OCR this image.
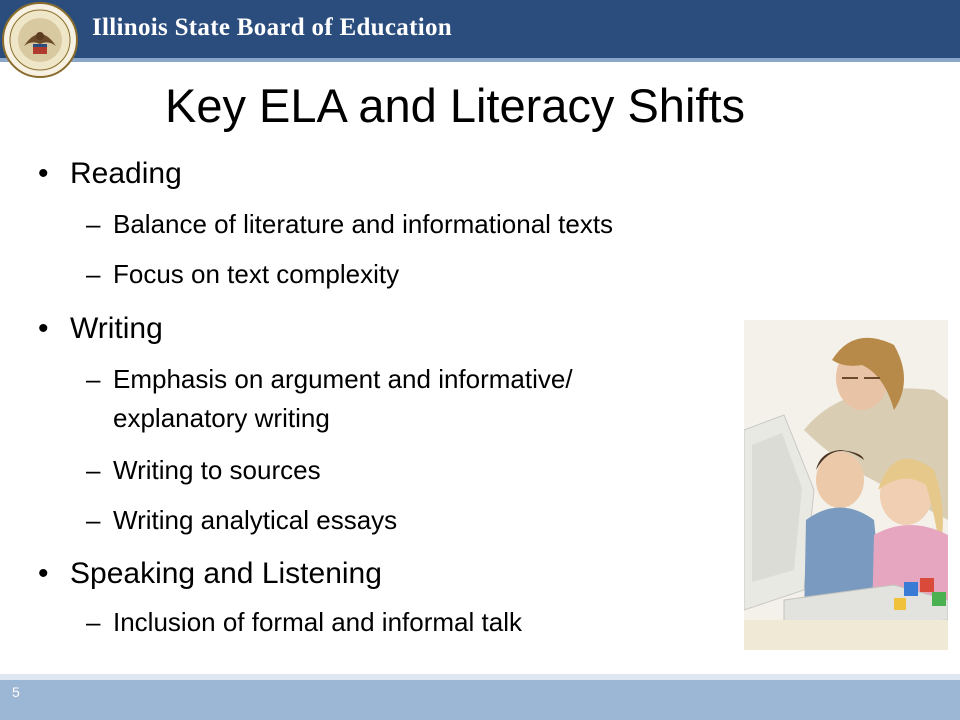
Illinois State Board of Education
Key ELA and Literacy Shifts
• Reading
– Balance of literature and informational texts
– Focus on text complexity
• Writing
– Emphasis on argument and informative/
explanatory writing
– Writing to sources
– Writing analytical essays
• Speaking and Listening
– Inclusion of formal and informal talk
5
